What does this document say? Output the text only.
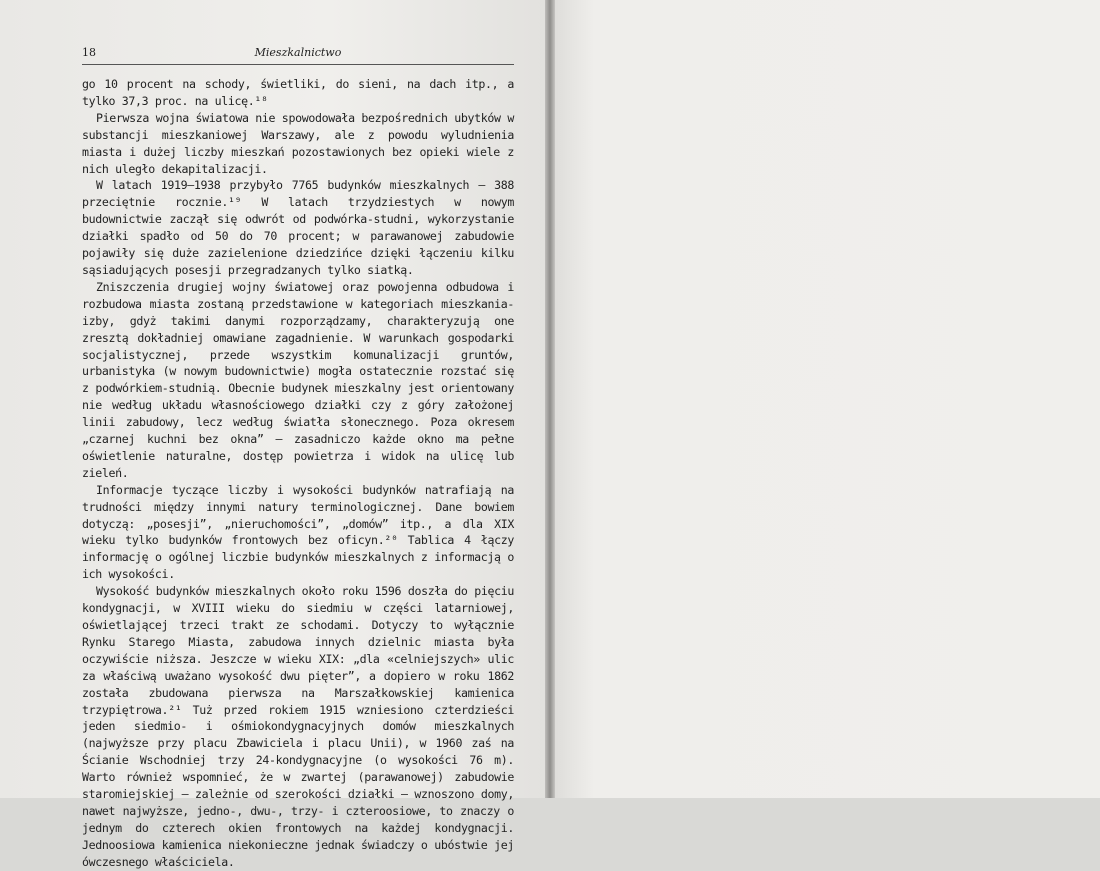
18	Mieszkalnictwo

go 10 procent na schody, świetliki, do sieni, na dach itp., a tylko 37,3 proc. na ulicę.¹⁸

Pierwsza wojna światowa nie spowodowała bezpośrednich ubytków w substancji mieszkaniowej Warszawy, ale z powodu wyludnienia miasta i dużej liczby mieszkań pozostawionych bez opieki wiele z nich uległo dekapitalizacji.

W latach 1919—1938 przybyło 7765 budynków mieszkalnych — 388 przeciętnie rocznie.¹⁹ W latach trzydziestych w nowym budownictwie zaczął się odwrót od podwórka-studni, wykorzystanie działki spadło od 50 do 70 procent; w parawanowej zabudowie pojawiły się duże zazielenione dziedzińce dzięki łączeniu kilku sąsiadujących posesji przegradzanych tylko siatką.

Zniszczenia drugiej wojny światowej oraz powojenna odbudowa i rozbudowa miasta zostaną przedstawione w kategoriach mieszkania-izby, gdyż takimi danymi rozporządzamy, charakteryzują one zresztą dokładniej omawiane zagadnienie. W warunkach gospodarki socjalistycznej, przede wszystkim komunalizacji gruntów, urbanistyka (w nowym budownictwie) mogła ostatecznie rozstać się z podwórkiem-studnią. Obecnie budynek mieszkalny jest orientowany nie według układu własnościowego działki czy z góry założonej linii zabudowy, lecz według światła słonecznego. Poza okresem „czarnej kuchni bez okna” — zasadniczo każde okno ma pełne oświetlenie naturalne, dostęp powietrza i widok na ulicę lub zieleń.

Informacje tyczące liczby i wysokości budynków natrafiają na trudności między innymi natury terminologicznej. Dane bowiem dotyczą: „posesji”, „nieruchomości”, „domów” itp., a dla XIX wieku tylko budynków frontowych bez oficyn.²⁰ Tablica 4 łączy informację o ogólnej liczbie budynków mieszkalnych z informacją o ich wysokości.

Wysokość budynków mieszkalnych około roku 1596 doszła do pięciu kondygnacji, w XVIII wieku do siedmiu w części latarniowej, oświetlającej trzeci trakt ze schodami. Dotyczy to wyłącznie Rynku Starego Miasta, zabudowa innych dzielnic miasta była oczywiście niższa. Jeszcze w wieku XIX: „dla «celniejszych» ulic za właściwą uważano wysokość dwu pięter”, a dopiero w roku 1862 została zbudowana pierwsza na Marszałkowskiej kamienica trzypiętrowa.²¹ Tuż przed rokiem 1915 wzniesiono czterdzieści jeden siedmio- i ośmiokondygnacyjnych domów mieszkalnych (najwyższe przy placu Zbawiciela i placu Unii), w 1960 zaś na Ścianie Wschodniej trzy 24-kondygnacyjne (o wysokości 76 m). Warto również wspomnieć, że w zwartej (parawanowej) zabudowie staromiejskiej — zależnie od szerokości działki — wznoszono domy, nawet najwyższe, jedno-, dwu-, trzy- i czteroosiowe, to znaczy o jednym do czterech okien frontowych na każdej kondygnacji. Jednoosiowa kamienica niekonieczne jednak świadczy o ubóstwie jej ówczesnego właściciela.
